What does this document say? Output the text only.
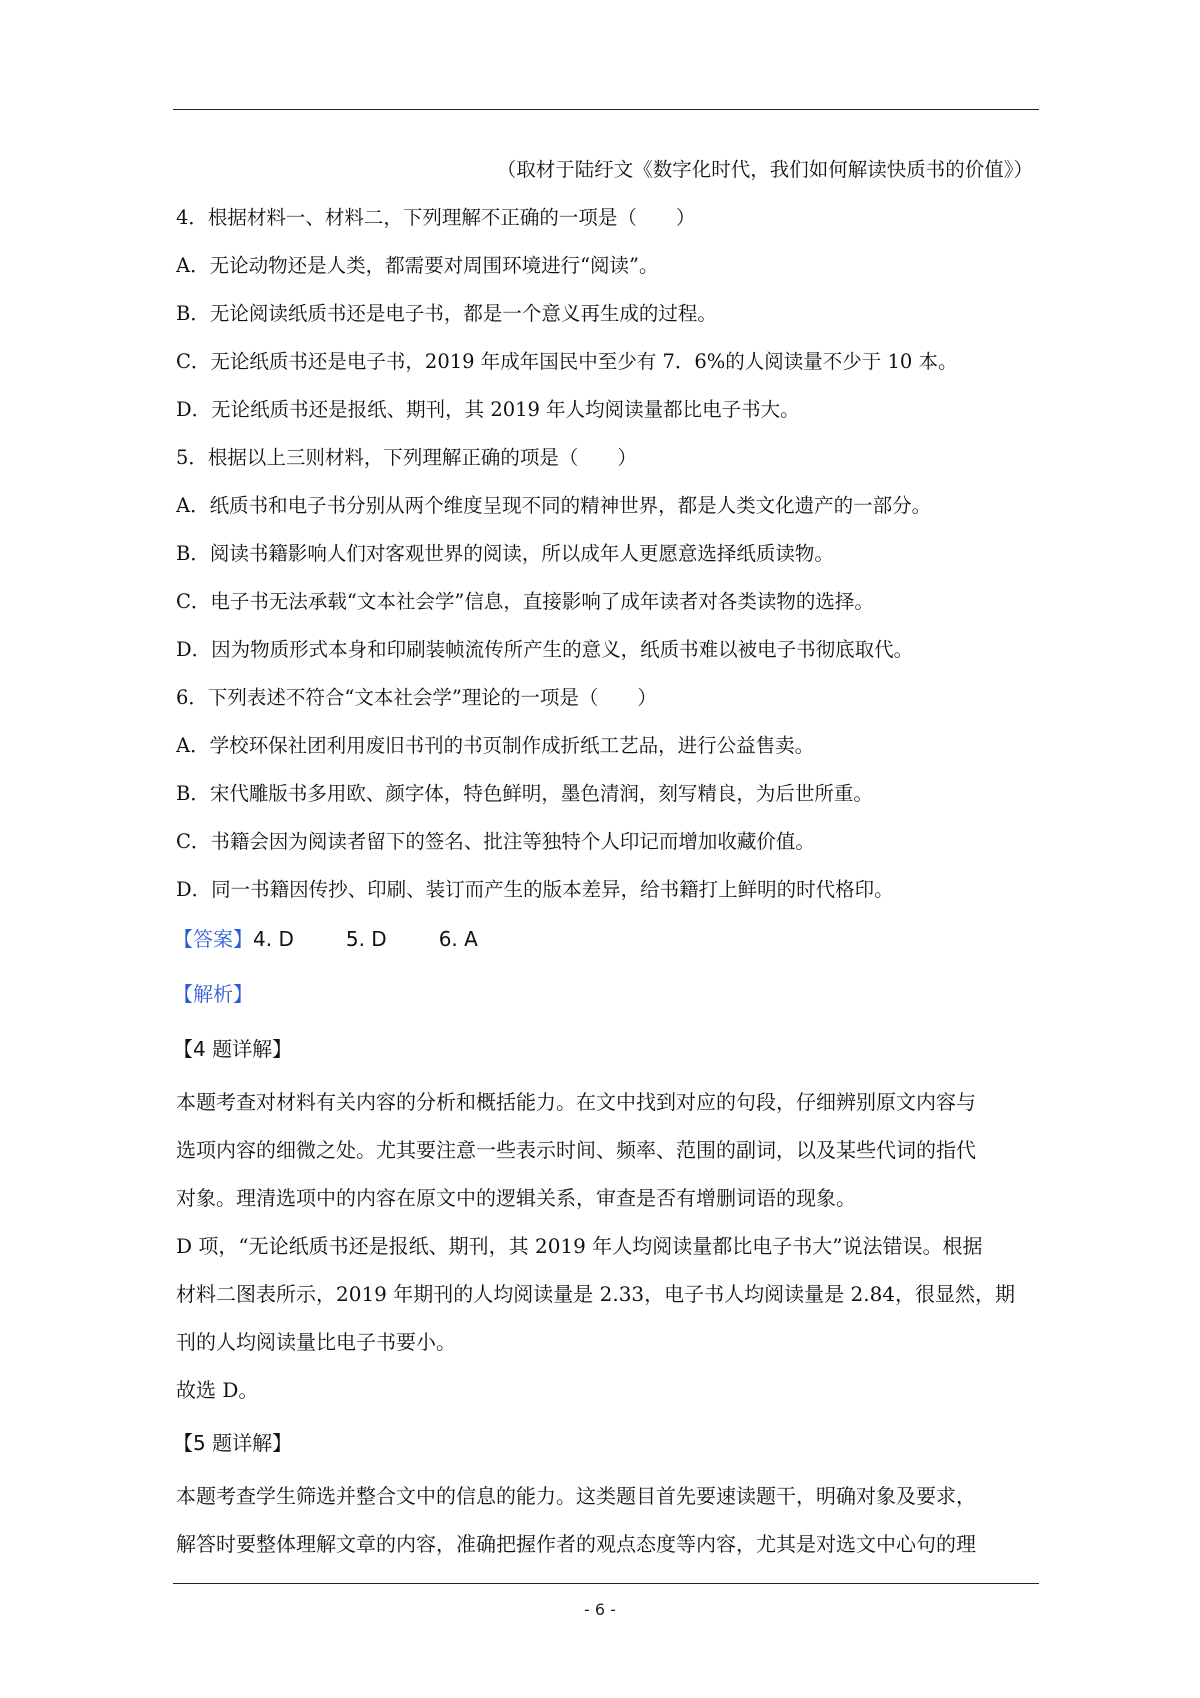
（取材于陆纡文《数字化时代，我们如何解读快质书的价值》）
4．根据材料一、材料二，下列理解不正确的一项是（　　）
A．无论动物还是人类，都需要对周围环境进行“阅读”。
B．无论阅读纸质书还是电子书，都是一个意义再生成的过程。
C．无论纸质书还是电子书，2019 年成年国民中至少有 7．6%的人阅读量不少于 10 本。
D．无论纸质书还是报纸、期刊，其 2019 年人均阅读量都比电子书大。
5．根据以上三则材料，下列理解正确的项是（　　）
A．纸质书和电子书分别从两个维度呈现不同的精神世界，都是人类文化遗产的一部分。
B．阅读书籍影响人们对客观世界的阅读，所以成年人更愿意选择纸质读物。
C．电子书无法承载“文本社会学”信息，直接影响了成年读者对各类读物的选择。
D．因为物质形式本身和印刷装帧流传所产生的意义，纸质书难以被电子书彻底取代。
6．下列表述不符合“文本社会学”理论的一项是（　　）
A．学校环保社团利用废旧书刊的书页制作成折纸工艺品，进行公益售卖。
B．宋代雕版书多用欧、颜字体，特色鲜明，墨色清润，刻写精良，为后世所重。
C．书籍会因为阅读者留下的签名、批注等独特个人印记而增加收藏价值。
D．同一书籍因传抄、印刷、装订而产生的版本差异，给书籍打上鲜明的时代格印。
【答案】4. D	5. D	6. A
【解析】
【4 题详解】
本题考查对材料有关内容的分析和概括能力。在文中找到对应的句段，仔细辨别原文内容与
选项内容的细微之处。尤其要注意一些表示时间、频率、范围的副词，以及某些代词的指代
对象。理清选项中的内容在原文中的逻辑关系，审查是否有增删词语的现象。
D 项，“无论纸质书还是报纸、期刊，其 2019 年人均阅读量都比电子书大”说法错误。根据
材料二图表所示，2019 年期刊的人均阅读量是 2.33，电子书人均阅读量是 2.84，很显然，期
刊的人均阅读量比电子书要小。
故选 D。
【5 题详解】
本题考查学生筛选并整合文中的信息的能力。这类题目首先要速读题干，明确对象及要求，
解答时要整体理解文章的内容，准确把握作者的观点态度等内容，尤其是对选文中心句的理
- 6 -
